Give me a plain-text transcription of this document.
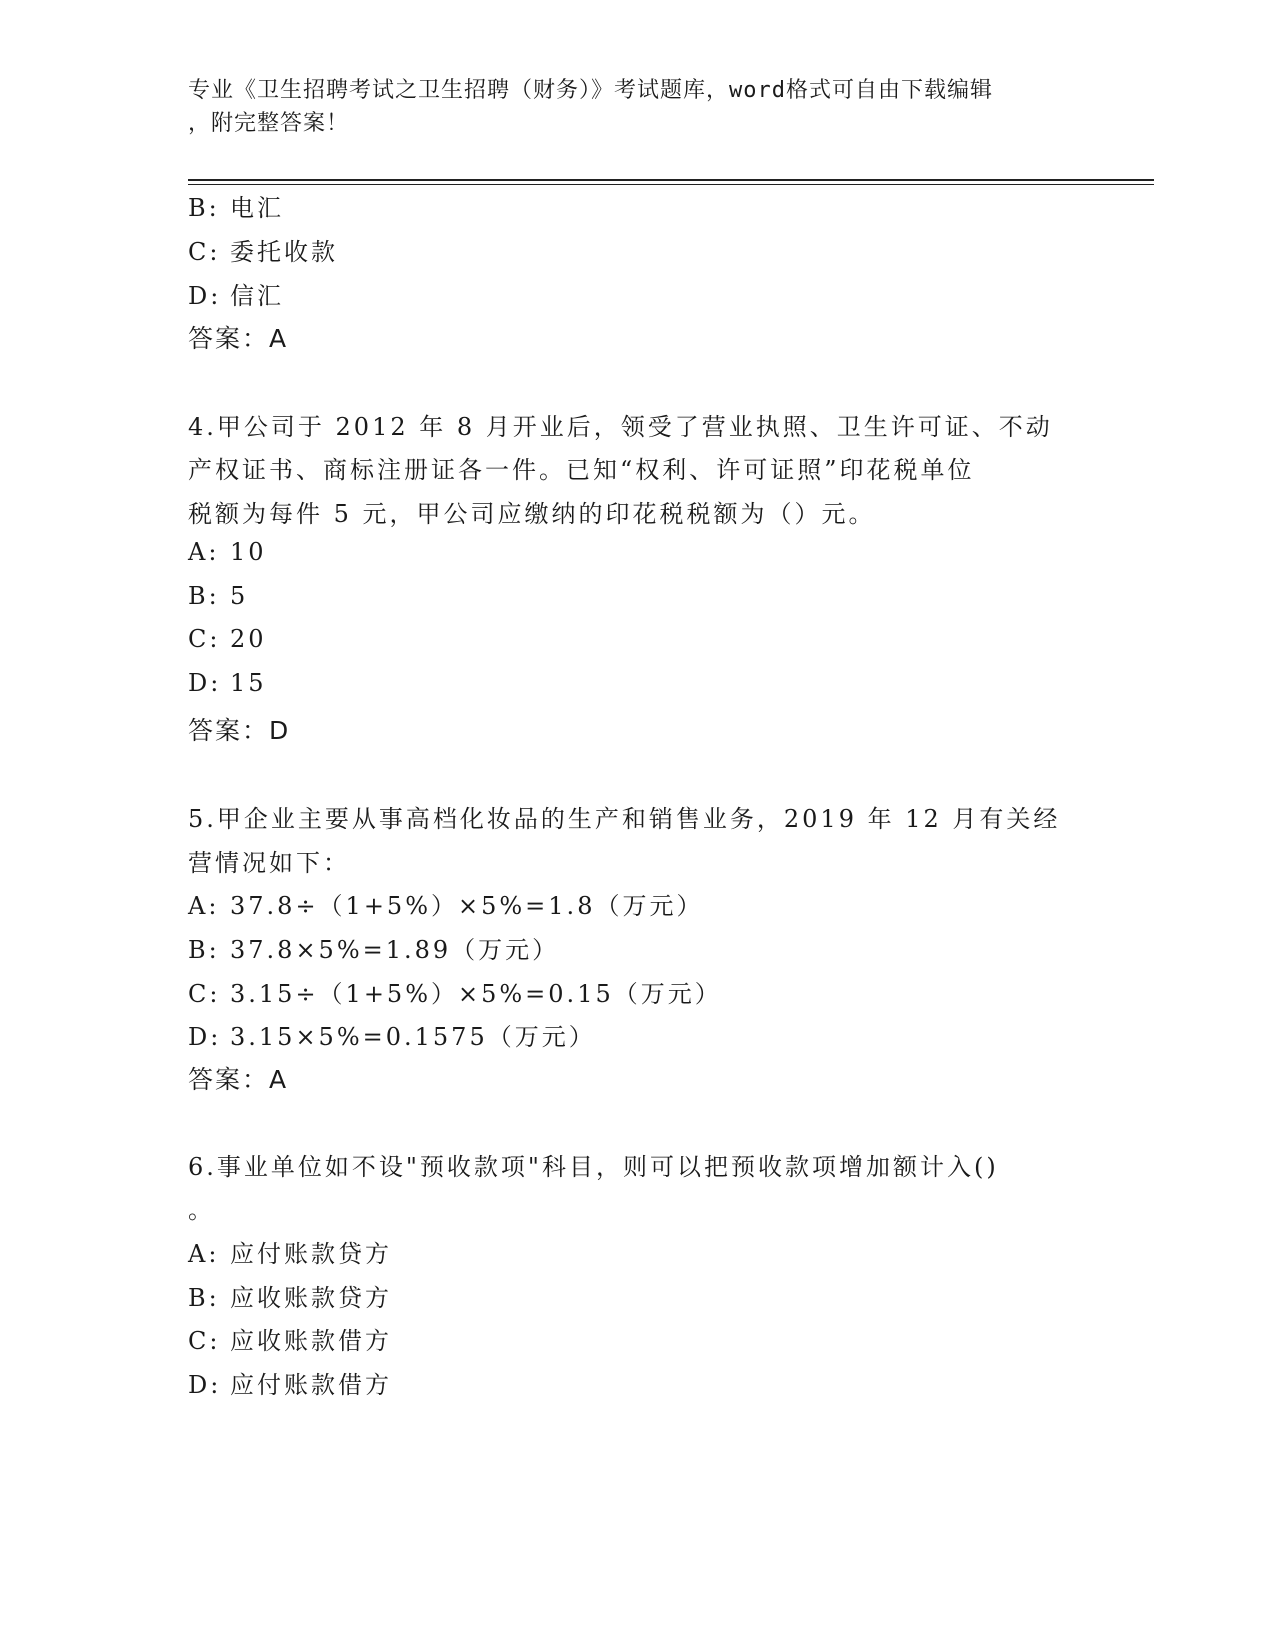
专业《卫生招聘考试之卫生招聘（财务）》考试题库，word格式可自由下载编辑
，附完整答案！
B: 电汇
C: 委托收款
D: 信汇
答案：A
4.甲公司于 2012 年 8 月开业后，领受了营业执照、卫生许可证、不动
产权证书、商标注册证各一件。已知“权利、许可证照”印花税单位
税额为每件 5 元，甲公司应缴纳的印花税税额为（）元。
A: 10
B: 5
C: 20
D: 15
答案：D
5.甲企业主要从事高档化妆品的生产和销售业务，2019 年 12 月有关经
营情况如下：
A: 37.8÷（1+5%）×5%=1.8（万元）
B: 37.8×5%=1.89（万元）
C: 3.15÷（1+5%）×5%=0.15（万元）
D: 3.15×5%=0.1575（万元）
答案：A
6.事业单位如不设"预收款项"科目，则可以把预收款项增加额计入()
。
A: 应付账款贷方
B: 应收账款贷方
C: 应收账款借方
D: 应付账款借方
